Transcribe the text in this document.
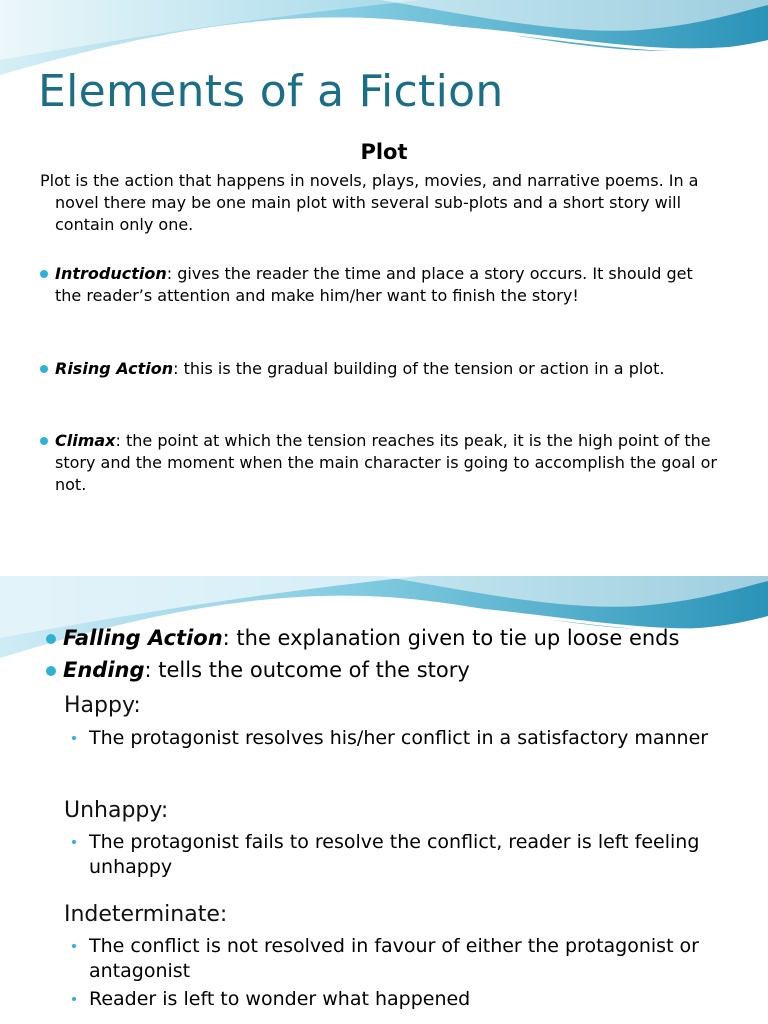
Elements of a Fiction
Plot
Plot is the action that happens in novels, plays, movies, and narrative poems. In a novel there may be one main plot with several sub-plots and a short story will contain only one.
Introduction: gives the reader the time and place a story occurs. It should get the reader’s attention and make him/her want to finish the story!
Rising Action: this is the gradual building of the tension or action in a plot.
Climax: the point at which the tension reaches its peak, it is the high point of the story and the moment when the main character is going to accomplish the goal or not.
Falling Action: the explanation given to tie up loose ends
Ending: tells the outcome of the story
Happy:
The protagonist resolves his/her conflict in a satisfactory manner
Unhappy:
The protagonist fails to resolve the conflict, reader is left feeling unhappy
Indeterminate:
The conflict is not resolved in favour of either the protagonist or antagonist
Reader is left to wonder what happened
